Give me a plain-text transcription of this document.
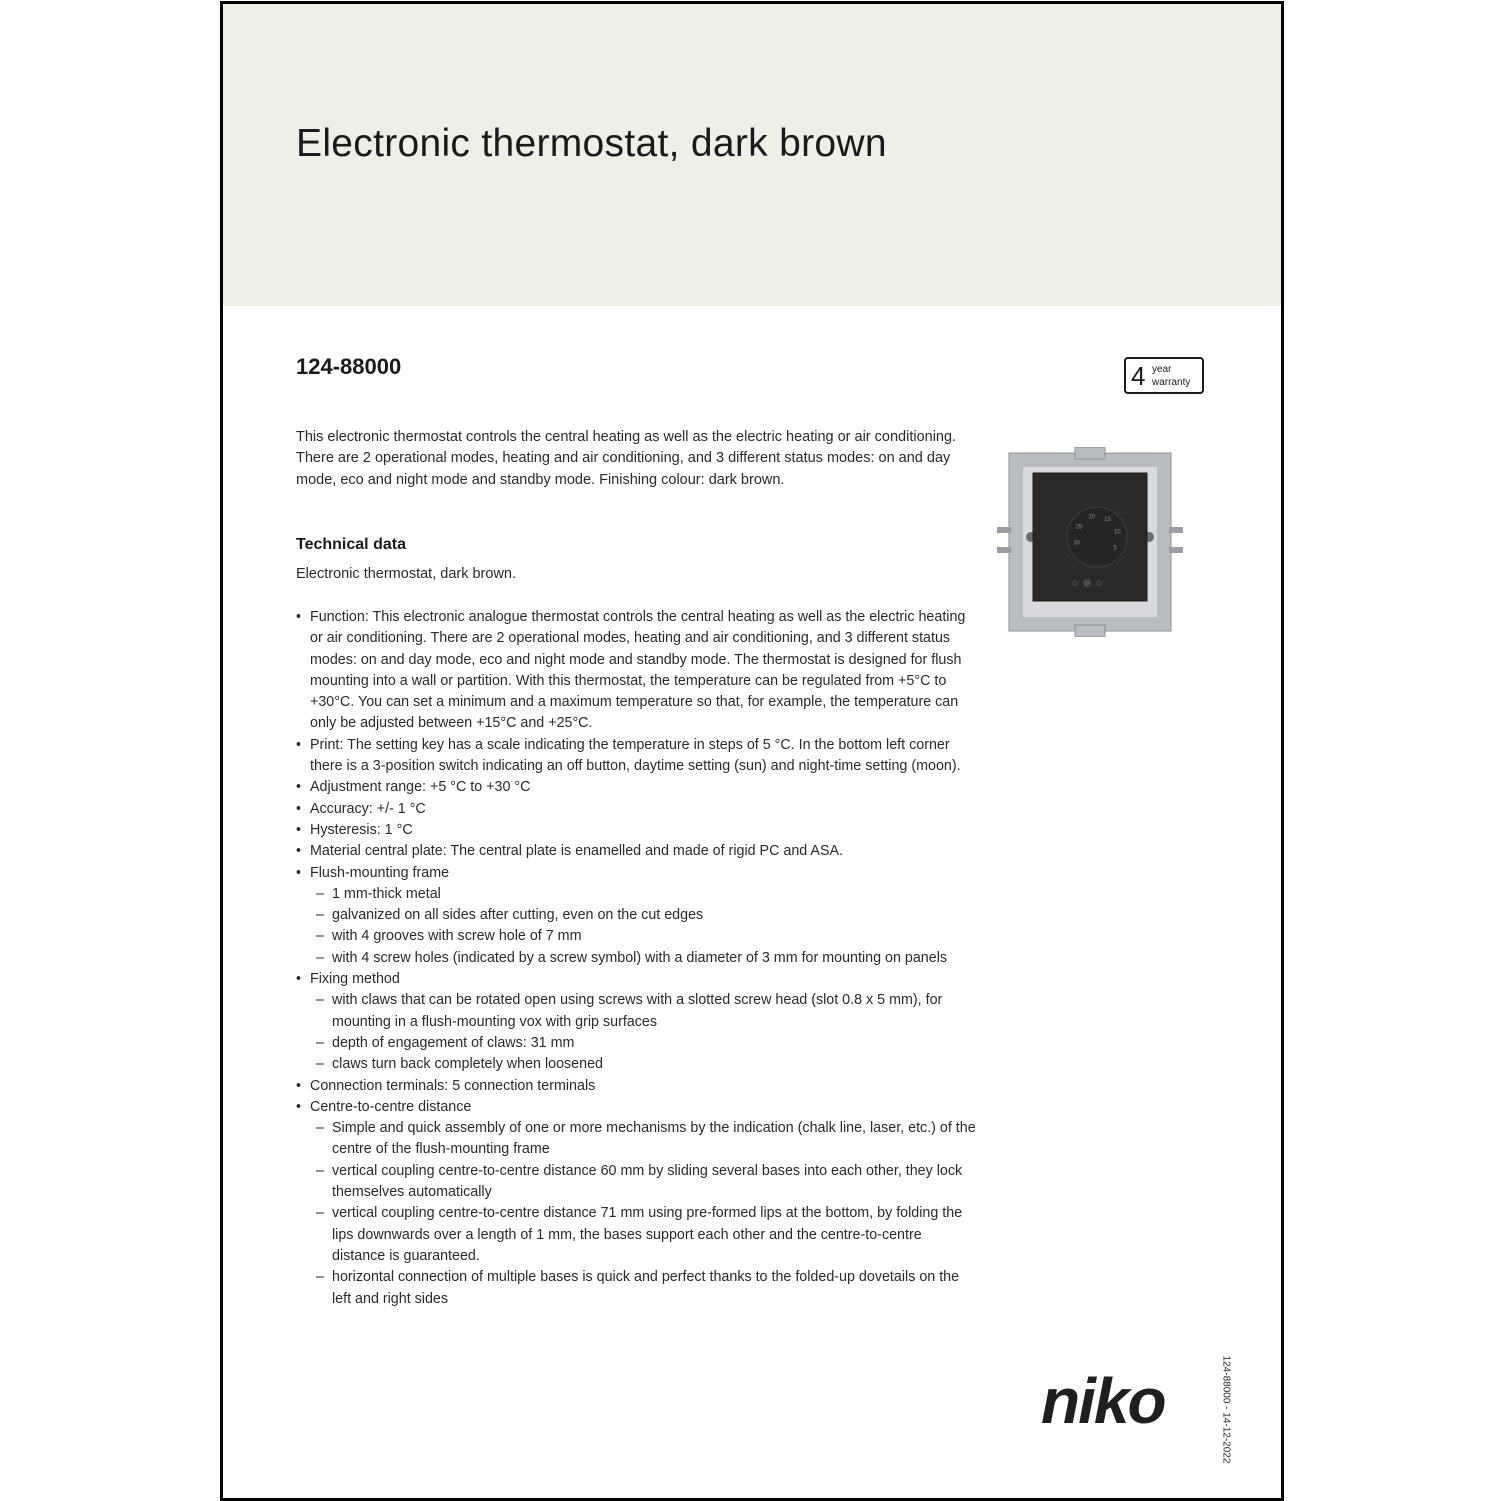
Electronic thermostat, dark brown
124-88000	4 year
warranty

This electronic thermostat controls the central heating as well as the electric heating or air conditioning. There are 2 operational modes, heating and air conditioning, and 3 different status modes: on and day mode, eco and night mode and standby mode. Finishing colour: dark brown.

Technical data
Electronic thermostat, dark brown.
• Function: This electronic analogue thermostat controls the central heating as well as the electric heating or air conditioning. There are 2 operational modes, heating and air conditioning, and 3 different status modes: on and day mode, eco and night mode and standby mode. The thermostat is designed for flush mounting into a wall or partition. With this thermostat, the temperature can be regulated from +5°C to +30°C. You can set a minimum and a maximum temperature so that, for example, the temperature can only be adjusted between +15°C and +25°C.
• Print: The setting key has a scale indicating the temperature in steps of 5 °C. In the bottom left corner there is a 3-position switch indicating an off button, daytime setting (sun) and night-time setting (moon).
• Adjustment range: +5 °C to +30 °C
• Accuracy: +/- 1 °C
• Hysteresis: 1 °C
• Material central plate: The central plate is enamelled and made of rigid PC and ASA.
• Flush-mounting frame
– 1 mm-thick metal
– galvanized on all sides after cutting, even on the cut edges
– with 4 grooves with screw hole of 7 mm
– with 4 screw holes (indicated by a screw symbol) with a diameter of 3 mm for mounting on panels
• Fixing method
– with claws that can be rotated open using screws with a slotted screw head (slot 0.8 x 5 mm), for mounting in a flush-mounting vox with grip surfaces
– depth of engagement of claws: 31 mm
– claws turn back completely when loosened
• Connection terminals: 5 connection terminals
• Centre-to-centre distance
– Simple and quick assembly of one or more mechanisms by the indication (chalk line, laser, etc.) of the centre of the flush-mounting frame
– vertical coupling centre-to-centre distance 60 mm by sliding several bases into each other, they lock themselves automatically
– vertical coupling centre-to-centre distance 71 mm using pre-formed lips at the bottom, by folding the lips downwards over a length of 1 mm, the bases support each other and the centre-to-centre distance is guaranteed.
– horizontal connection of multiple bases is quick and perfect thanks to the folded-up dovetails on the left and right sides
5
10
15
20
25
30
niko	124-88000 - 14-12-2022
